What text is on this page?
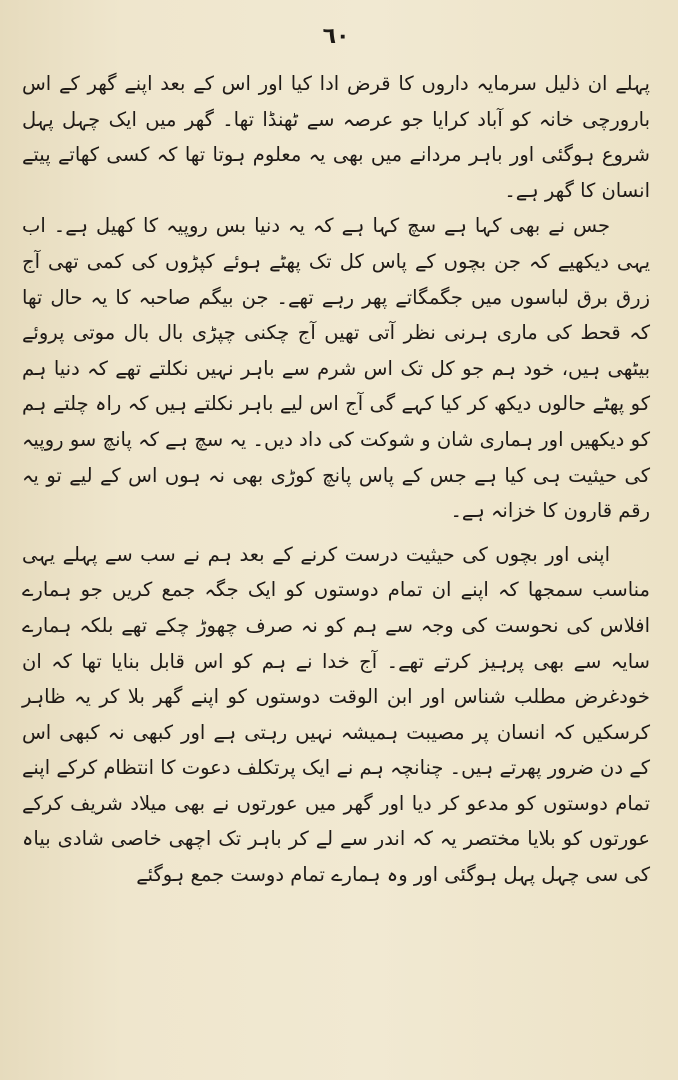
٦٠

پہلے ان ذلیل سرمایہ داروں کا قرض ادا کیا اور اس کے بعد اپنے گھر کے اس بارورچی خانہ کو آباد کرایا جو عرصہ سے ٹھنڈا تھا۔ گھر میں ایک چہل پہل شروع ہوگئی اور باہر مردانے میں بھی یہ معلوم ہوتا تھا کہ کسی کھاتے پیتے انسان کا گھر ہے۔

جس نے بھی کہا ہے سچ کہا ہے کہ یہ دنیا بس روپیہ کا کھیل ہے۔ اب یہی دیکھیے کہ جن بچوں کے پاس کل تک پھٹے ہوئے کپڑوں کی کمی تھی آج زرق برق لباسوں میں جگمگاتے پھر رہے تھے۔ جن بیگم صاحبہ کا یہ حال تھا کہ قحط کی ماری ہرنی نظر آتی تھیں آج چکنی چپڑی بال بال موتی پروئے بیٹھی ہیں، خود ہم جو کل تک اس شرم سے باہر نہیں نکلتے تھے کہ دنیا ہم کو پھٹے حالوں دیکھ کر کیا کہے گی آج اس لیے باہر نکلتے ہیں کہ راہ چلتے ہم کو دیکھیں اور ہماری شان و شوکت کی داد دیں۔ یہ سچ ہے کہ پانچ سو روپیہ کی حیثیت ہی کیا ہے جس کے پاس پانچ کوڑی بھی نہ ہوں اس کے لیے تو یہ رقم قارون کا خزانہ ہے۔

اپنی اور بچوں کی حیثیت درست کرنے کے بعد ہم نے سب سے پہلے یہی مناسب سمجھا کہ اپنے ان تمام دوستوں کو ایک جگہ جمع کریں جو ہمارے افلاس کی نحوست کی وجہ سے ہم کو نہ صرف چھوڑ چکے تھے بلکہ ہمارے سایہ سے بھی پرہیز کرتے تھے۔ آج خدا نے ہم کو اس قابل بنایا تھا کہ ان خودغرض مطلب شناس اور ابن الوقت دوستوں کو اپنے گھر بلا کر یہ ظاہر کرسکیں کہ انسان پر مصیبت ہمیشہ نہیں رہتی ہے اور کبھی نہ کبھی اس کے دن ضرور پھرتے ہیں۔ چنانچہ ہم نے ایک پرتکلف دعوت کا انتظام کرکے اپنے تمام دوستوں کو مدعو کر دیا اور گھر میں عورتوں نے بھی میلاد شریف کرکے عورتوں کو بلایا مختصر یہ کہ اندر سے لے کر باہر تک اچھی خاصی شادی بیاہ کی سی چہل پہل ہوگئی اور وہ ہمارے تمام دوست جمع ہوگئے
